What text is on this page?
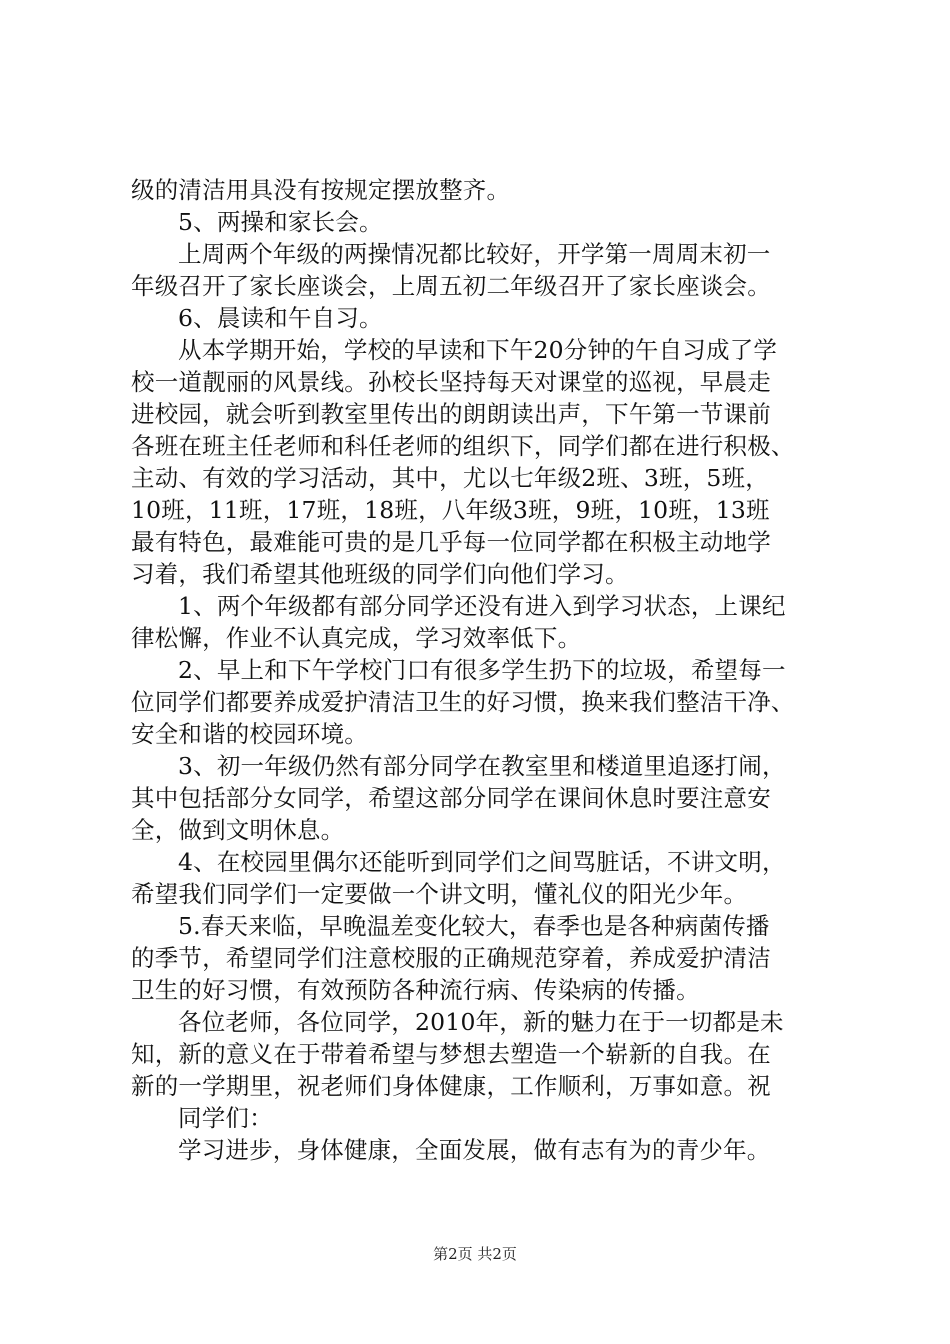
级的清洁用具没有按规定摆放整齐。
5、两操和家长会。
上周两个年级的两操情况都比较好，开学第一周周末初一
年级召开了家长座谈会，上周五初二年级召开了家长座谈会。
6、晨读和午自习。
从本学期开始，学校的早读和下午20分钟的午自习成了学
校一道靓丽的风景线。孙校长坚持每天对课堂的巡视，早晨走
进校园，就会听到教室里传出的朗朗读出声，下午第一节课前
各班在班主任老师和科任老师的组织下，同学们都在进行积极、
主动、有效的学习活动，其中，尤以七年级2班、3班，5班，
10班，11班，17班，18班，八年级3班，9班，10班，13班
最有特色，最难能可贵的是几乎每一位同学都在积极主动地学
习着，我们希望其他班级的同学们向他们学习。
1、两个年级都有部分同学还没有进入到学习状态，上课纪
律松懈，作业不认真完成，学习效率低下。
2、早上和下午学校门口有很多学生扔下的垃圾，希望每一
位同学们都要养成爱护清洁卫生的好习惯，换来我们整洁干净、
安全和谐的校园环境。
3、初一年级仍然有部分同学在教室里和楼道里追逐打闹，
其中包括部分女同学，希望这部分同学在课间休息时要注意安
全，做到文明休息。
4、在校园里偶尔还能听到同学们之间骂脏话，不讲文明，
希望我们同学们一定要做一个讲文明，懂礼仪的阳光少年。
5.春天来临，早晚温差变化较大，春季也是各种病菌传播
的季节，希望同学们注意校服的正确规范穿着，养成爱护清洁
卫生的好习惯，有效预防各种流行病、传染病的传播。
各位老师，各位同学，2010年，新的魅力在于一切都是未
知，新的意义在于带着希望与梦想去塑造一个崭新的自我。在
新的一学期里，祝老师们身体健康，工作顺利，万事如意。祝
同学们：
学习进步，身体健康，全面发展，做有志有为的青少年。
第2页 共2页
